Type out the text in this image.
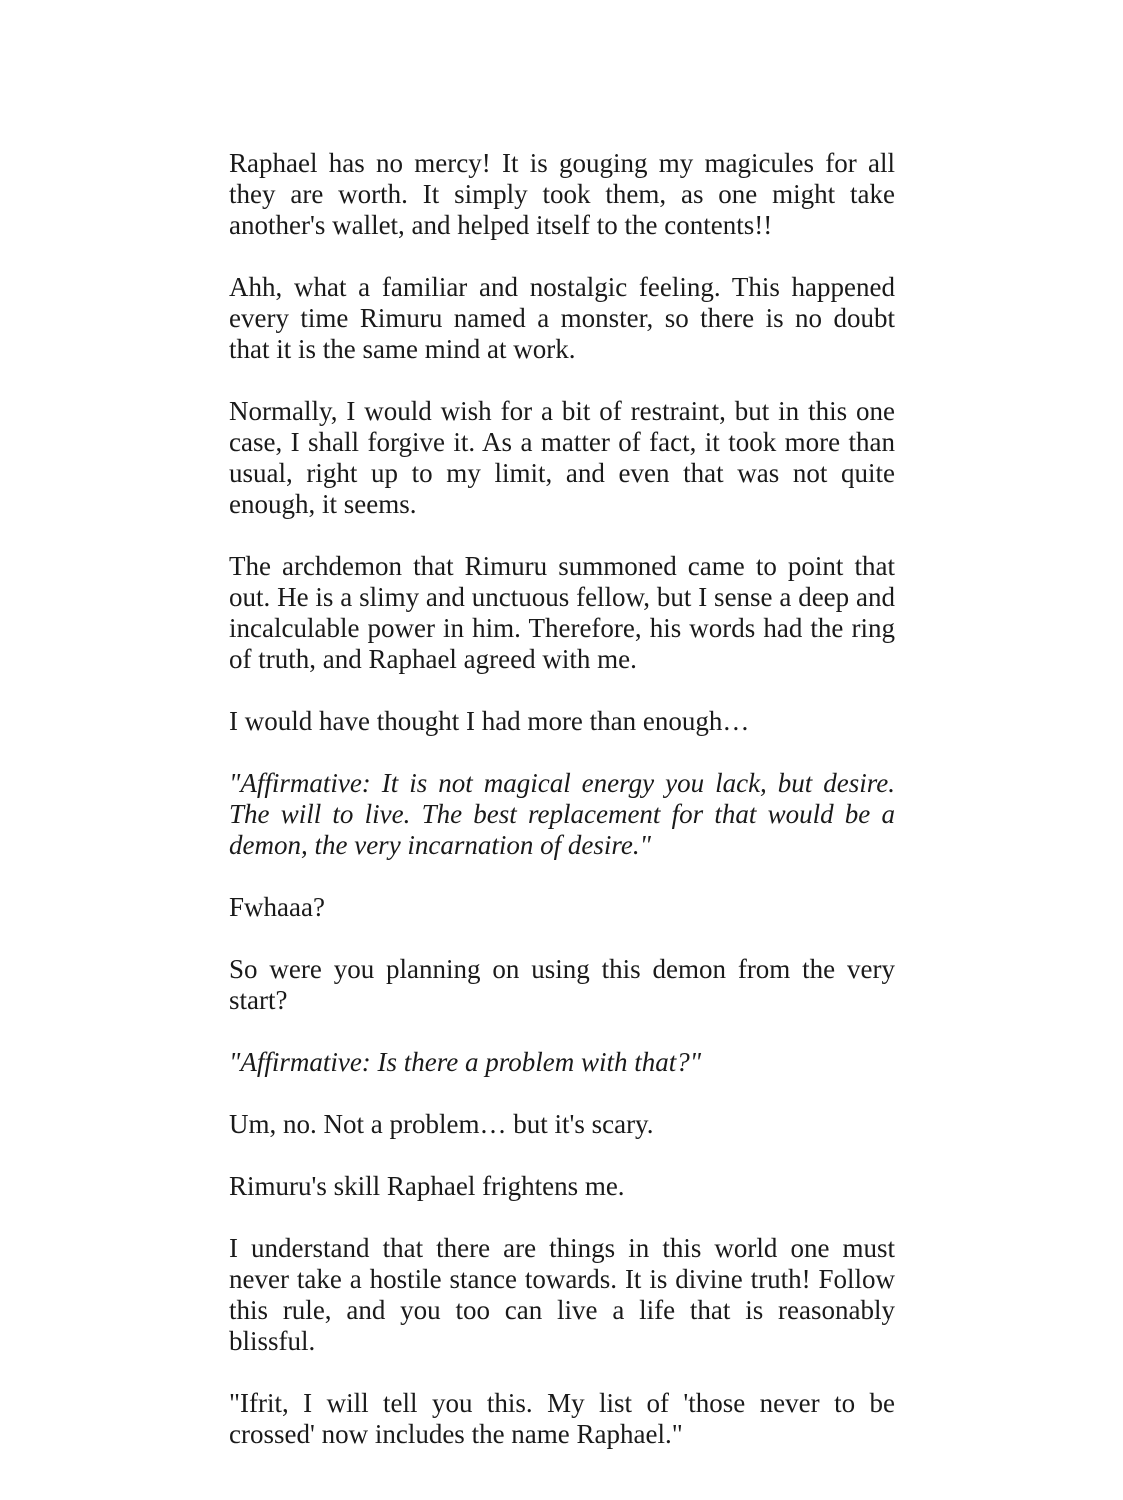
Raphael has no mercy! It is gouging my magicules for all they are worth. It simply took them, as one might take another's wallet, and helped itself to the contents!!

Ahh, what a familiar and nostalgic feeling. This happened every time Rimuru named a monster, so there is no doubt that it is the same mind at work.

Normally, I would wish for a bit of restraint, but in this one case, I shall forgive it. As a matter of fact, it took more than usual, right up to my limit, and even that was not quite enough, it seems.

The archdemon that Rimuru summoned came to point that out. He is a slimy and unctuous fellow, but I sense a deep and incalculable power in him. Therefore, his words had the ring of truth, and Raphael agreed with me.

I would have thought I had more than enough…

"Affirmative: It is not magical energy you lack, but desire. The will to live. The best replacement for that would be a demon, the very incarnation of desire."

Fwhaaa?

So were you planning on using this demon from the very start?

"Affirmative: Is there a problem with that?"

Um, no. Not a problem… but it's scary.

Rimuru's skill Raphael frightens me.

I understand that there are things in this world one must never take a hostile stance towards. It is divine truth! Follow this rule, and you too can live a life that is reasonably blissful.

"Ifrit, I will tell you this. My list of 'those never to be crossed' now includes the name Raphael."
